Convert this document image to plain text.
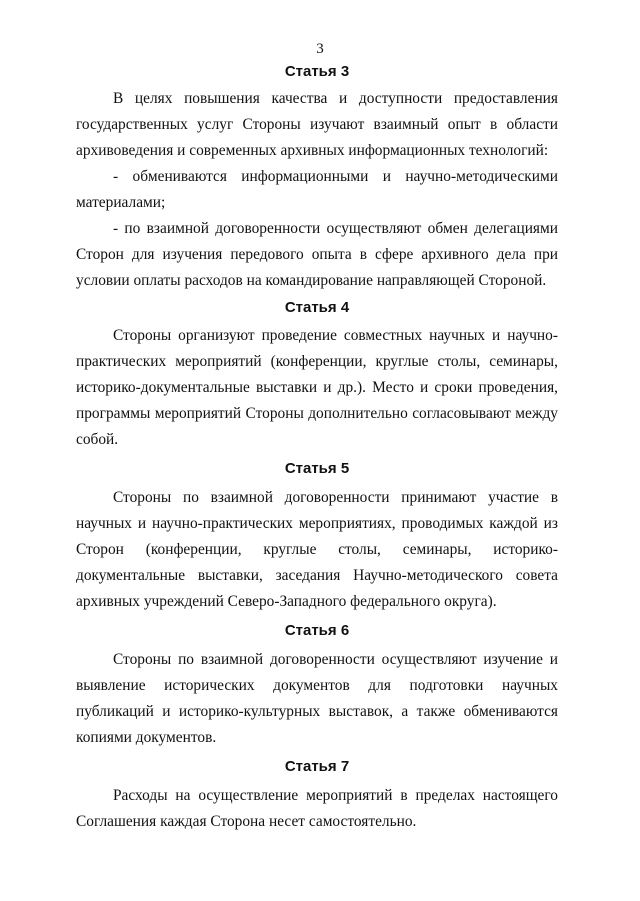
3
Статья 3

В целях повышения качества и доступности предоставления государственных услуг Стороны изучают взаимный опыт в области архивоведения и современных архивных информационных технологий:

- обмениваются информационными и научно-методическими материалами;

- по взаимной договоренности осуществляют обмен делегациями Сторон для изучения передового опыта в сфере архивного дела при условии оплаты расходов на командирование направляющей Стороной.

Статья 4

Стороны организуют проведение совместных научных и научно-практических мероприятий (конференции, круглые столы, семинары, историко-документальные выставки и др.). Место и сроки проведения, программы мероприятий Стороны дополнительно согласовывают между собой.

Статья 5

Стороны по взаимной договоренности принимают участие в научных и научно-практических мероприятиях, проводимых каждой из Сторон (конференции, круглые столы, семинары, историко-документальные выставки, заседания Научно-методического совета архивных учреждений Северо-Западного федерального округа).

Статья 6

Стороны по взаимной договоренности осуществляют изучение и выявление исторических документов для подготовки научных публикаций и историко-культурных выставок, а также обмениваются копиями документов.

Статья 7

Расходы на осуществление мероприятий в пределах настоящего Соглашения каждая Сторона несет самостоятельно.
